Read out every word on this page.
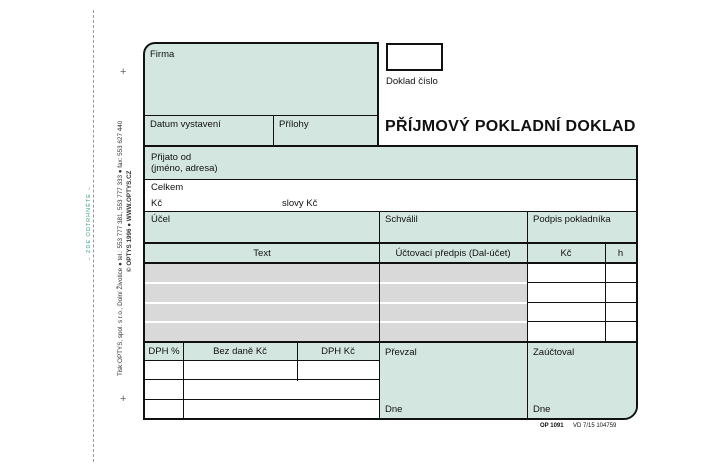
→ ZDE ODTRHNĚTE ←	Tisk:OPTYS, spol. s r.o., Dolní Životice ● tel.: 553 777 381, 553 777 333 ● fax: 553 627 440 © OPTYS 1996 ● WWW.OPTYS.CZ
+
+
Doklad číslo
Firma
Datum vystavení	Přílohy	PŘÍJMOVÝ POKLADNÍ DOKLAD
Přijato od
(jméno, adresa)
Celkem
Kč	slovy Kč
Účel	Schválil	Podpis pokladníka
Text	Účtovací předpis (Dal-účet)	Kč	h
DPH %	Bez daně Kč	DPH Kč	Převzal	Zaúčtoval
Dne	Dne
OP 1091 VD 7/15 104759
